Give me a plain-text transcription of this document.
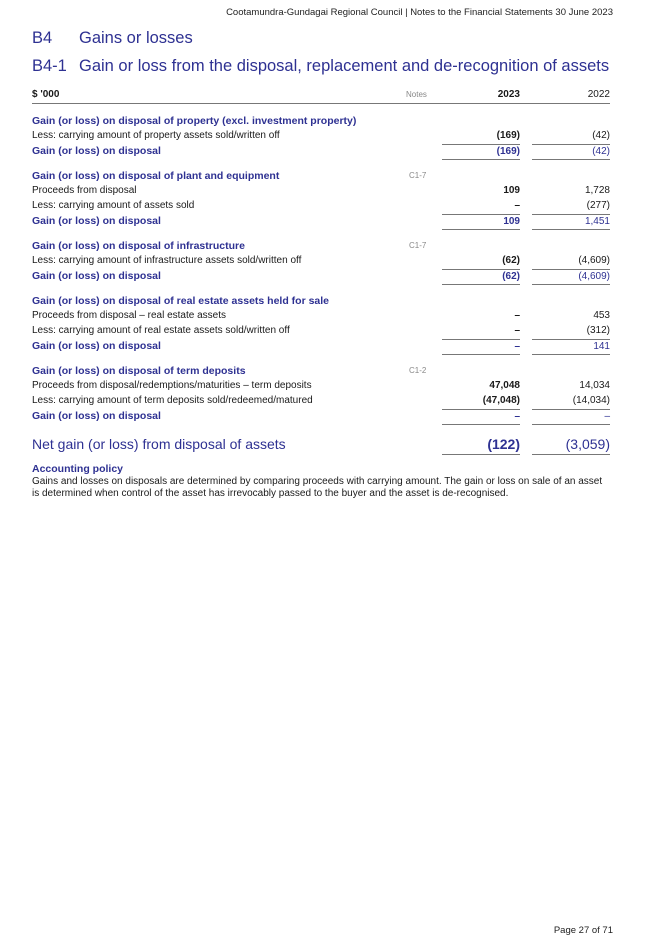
Cootamundra-Gundagai Regional Council | Notes to the Financial Statements 30 June 2023
B4 Gains or losses
B4-1 Gain or loss from the disposal, replacement and de-recognition of assets
$ '000	Notes	2023	2022
Gain (or loss) on disposal of property (excl. investment property)
Less: carrying amount of property assets sold/written off	(169)	(42)
Gain (or loss) on disposal	(169)	(42)
Gain (or loss) on disposal of plant and equipment	C1-7
Proceeds from disposal	109	1,728
Less: carrying amount of assets sold	–	(277)
Gain (or loss) on disposal	109	1,451
Gain (or loss) on disposal of infrastructure	C1-7
Less: carrying amount of infrastructure assets sold/written off	(62)	(4,609)
Gain (or loss) on disposal	(62)	(4,609)
Gain (or loss) on disposal of real estate assets held for sale
Proceeds from disposal – real estate assets	–	453
Less: carrying amount of real estate assets sold/written off	–	(312)
Gain (or loss) on disposal	–	141
Gain (or loss) on disposal of term deposits	C1-2
Proceeds from disposal/redemptions/maturities – term deposits	47,048	14,034
Less: carrying amount of term deposits sold/redeemed/matured	(47,048)	(14,034)
Gain (or loss) on disposal	–	–
Net gain (or loss) from disposal of assets	(122)	(3,059)
Accounting policy
Gains and losses on disposals are determined by comparing proceeds with carrying amount. The gain or loss on sale of an asset is determined when control of the asset has irrevocably passed to the buyer and the asset is de-recognised.
Page 27 of 71
